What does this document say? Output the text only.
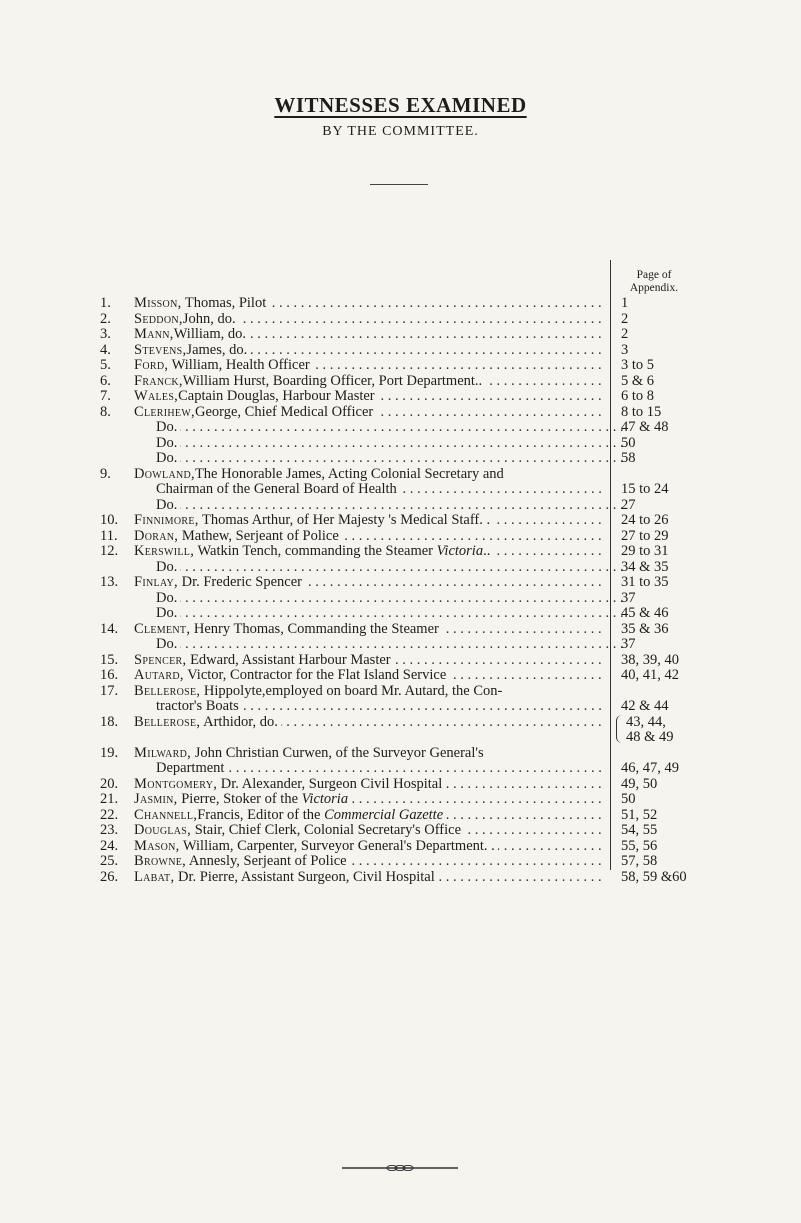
WITNESSES EXAMINED
BY THE COMMITTEE.
Page of Appendix.
1.	Misson, Thomas, Pilot . . .	1
2.	Seddon,John, do. . . .	2
3.	Mann,William, do. . . .	2
4.	Stevens,James, do. . . .	3
5.	Ford, William, Health Officer . . .	3 to 5
6.	Franck,William Hurst, Boarding Officer, Port Department.. . . .	5 & 6
7.	Wales,Captain Douglas, Harbour Master . . .	6 to 8
8.	Clerihew,George, Chief Medical Officer . . .	8 to 15
Do. . . .	47 & 48
Do. . . .	50
Do. . . .	58
9.	Dowland,The Honorable James, Acting Colonial Secretary and
Chairman of the General Board of Health . . .	15 to 24
Do. . . .	27
10.	Finnimore, Thomas Arthur, of Her Majesty 's Medical Staff. . . . .	24 to 26
11.	Doran, Mathew, Serjeant of Police . . .	27 to 29
12.	Kerswill, Watkin Tench, commanding the Steamer Victoria.. . . .	29 to 31
Do. . . .	34 & 35
13.	Finlay, Dr. Frederic Spencer . . .	31 to 35
Do. . . .	37
Do. . . .	45 & 46
14.	Clement, Henry Thomas, Commanding the Steamer . . .	35 & 36
Do. . . .	37
15.	Spencer, Edward, Assistant Harbour Master . . .	38, 39, 40
16.	Autard, Victor, Contractor for the Flat Island Service . . .	40, 41, 42
17.	Bellerose, Hippolyte,employed on board Mr. Autard, the Con-
tractor's Boats . . .	42 & 44
18.	Bellerose, Arthidor, do. . . .	43, 44,
48 & 49
19.	Milward, John Christian Curwen, of the Surveyor General's
Department . . .	46, 47, 49
20.	Montgomery, Dr. Alexander, Surgeon Civil Hospital . . .	49, 50
21.	Jasmin, Pierre, Stoker of the Victoria . . .	50
22.	Channell,Francis, Editor of the Commercial Gazette . . .	51, 52
23.	Douglas, Stair, Chief Clerk, Colonial Secretary's Office . . .	54, 55
24.	Mason, William, Carpenter, Surveyor General's Department. . . . .	55, 56
25.	Browne, Annesly, Serjeant of Police . . .	57, 58
26.	Labat, Dr. Pierre, Assistant Surgeon, Civil Hospital . . .	58, 59 &60
